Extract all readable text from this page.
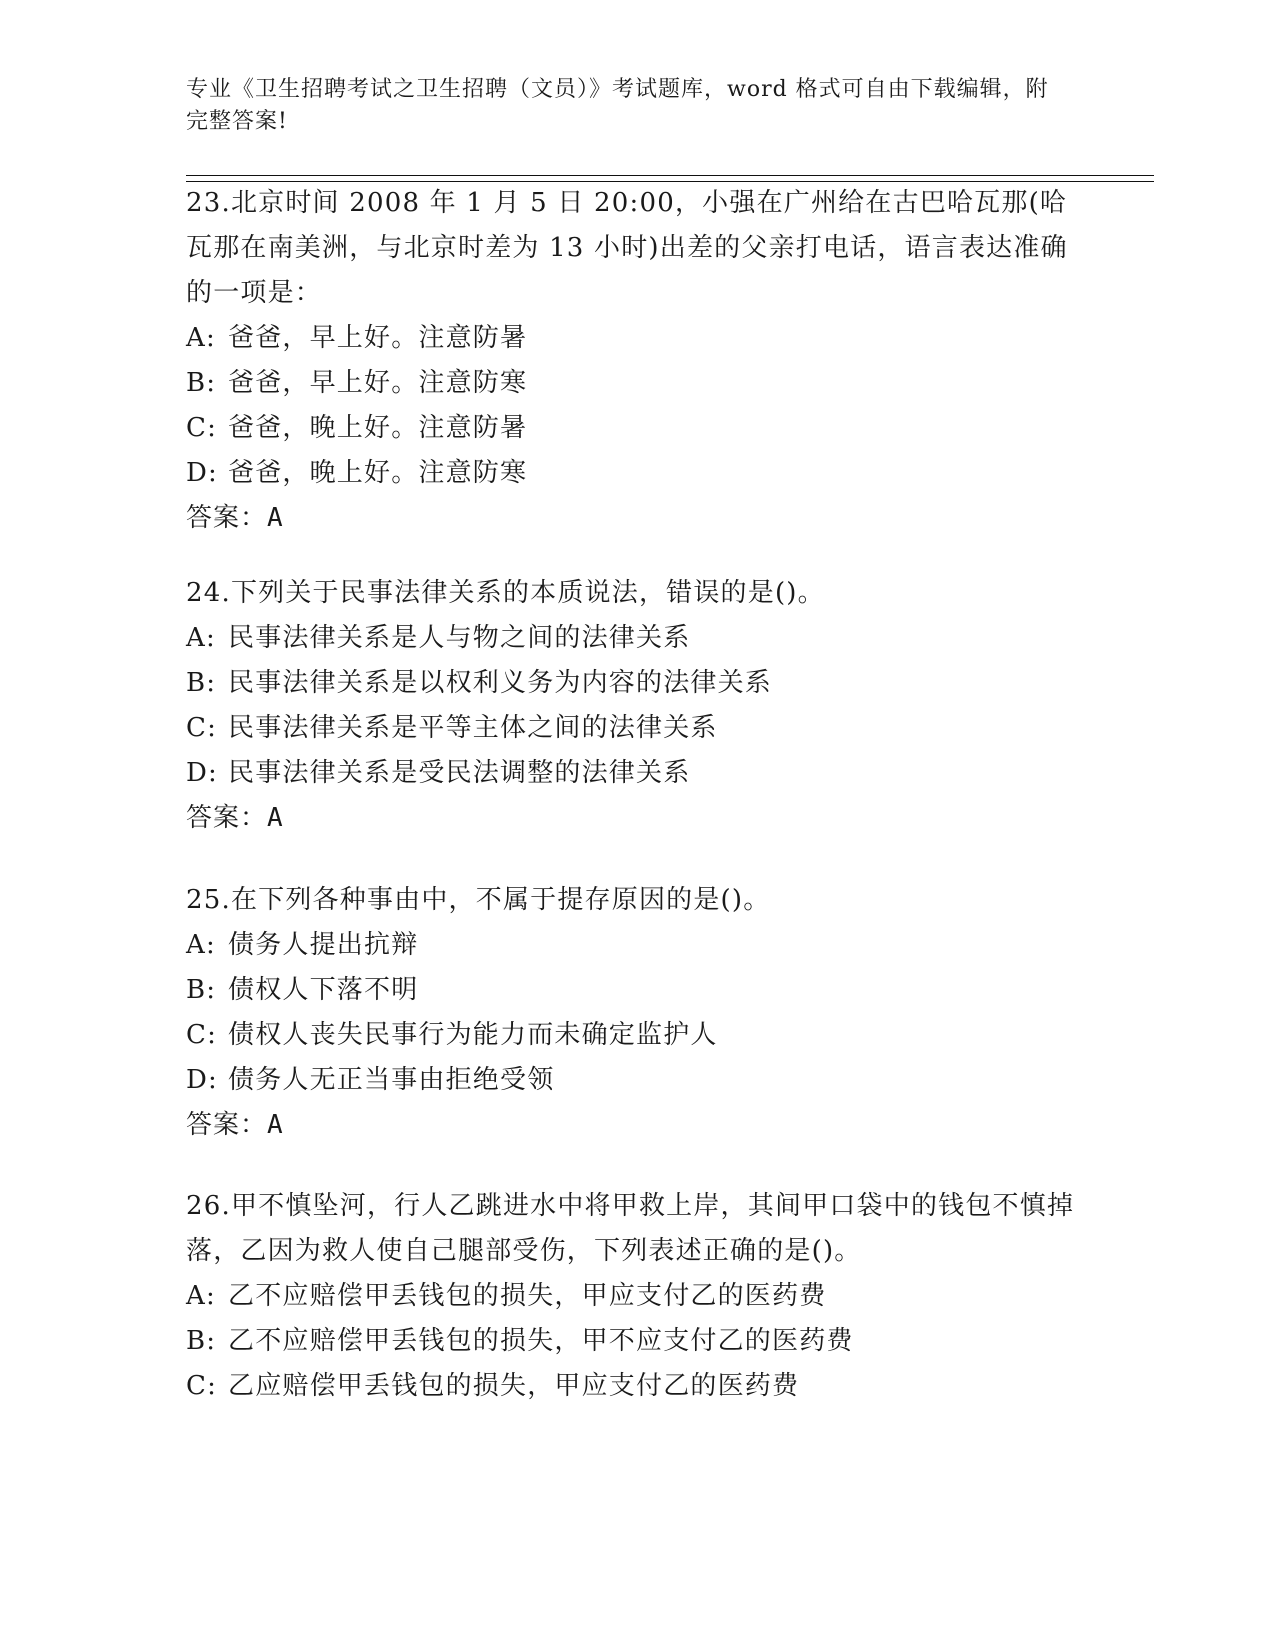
专业《卫生招聘考试之卫生招聘（文员）》考试题库，word 格式可自由下载编辑，附完整答案!

23.北京时间 2008 年 1 月 5 日 20:00，小强在广州给在古巴哈瓦那(哈瓦那在南美洲，与北京时差为 13 小时)出差的父亲打电话，语言表达准确的一项是：

A: 爸爸，早上好。注意防暑

B: 爸爸，早上好。注意防寒

C: 爸爸，晚上好。注意防暑

D: 爸爸，晚上好。注意防寒

答案：A

24.下列关于民事法律关系的本质说法，错误的是()。

A: 民事法律关系是人与物之间的法律关系

B: 民事法律关系是以权利义务为内容的法律关系

C: 民事法律关系是平等主体之间的法律关系

D: 民事法律关系是受民法调整的法律关系

答案：A

25.在下列各种事由中，不属于提存原因的是()。

A: 债务人提出抗辩

B: 债权人下落不明

C: 债权人丧失民事行为能力而未确定监护人

D: 债务人无正当事由拒绝受领

答案：A

26.甲不慎坠河，行人乙跳进水中将甲救上岸，其间甲口袋中的钱包不慎掉落，乙因为救人使自己腿部受伤，下列表述正确的是()。

A: 乙不应赔偿甲丢钱包的损失，甲应支付乙的医药费

B: 乙不应赔偿甲丢钱包的损失，甲不应支付乙的医药费

C: 乙应赔偿甲丢钱包的损失，甲应支付乙的医药费
